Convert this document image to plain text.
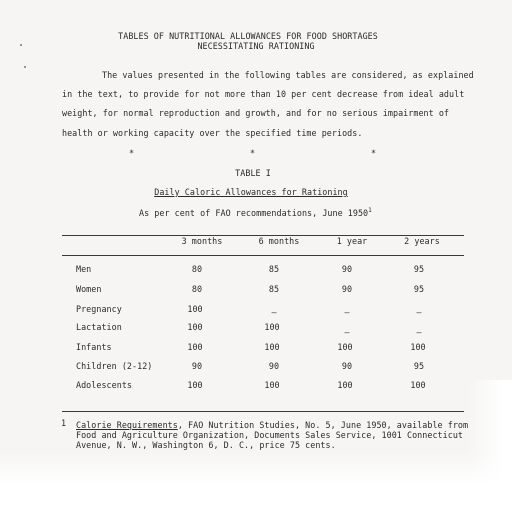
TABLES OF NUTRITIONAL ALLOWANCES FOR FOOD SHORTAGES
NECESSITATING RATIONING
The values presented in the following tables are considered, as explained
in the text, to provide for not more than 10 per cent decrease from ideal adult
weight, for normal reproduction and growth, and for no serious impairment of
health or working capacity over the specified time periods.
*	*	*
TABLE I
Daily Caloric Allowances for Rationing
As per cent of FAO recommendations, June 1950$^1$
3 months	6 months	1 year	2 years
Men	80	85	90	95
Women	80	85	90	95
Pregnancy	100	—	—	—
Lactation	100	100	—	—
Infants	100	100	100	100
Children (2-12)	90	90	90	95
Adolescents	100	100	100	100
1 Calorie Requirements, FAO Nutrition Studies, No. 5, June 1950, available from
Food and Agriculture Organization, Documents Sales Service, 1001 Connecticut
Avenue, N. W., Washington 6, D. C., price 75 cents.
